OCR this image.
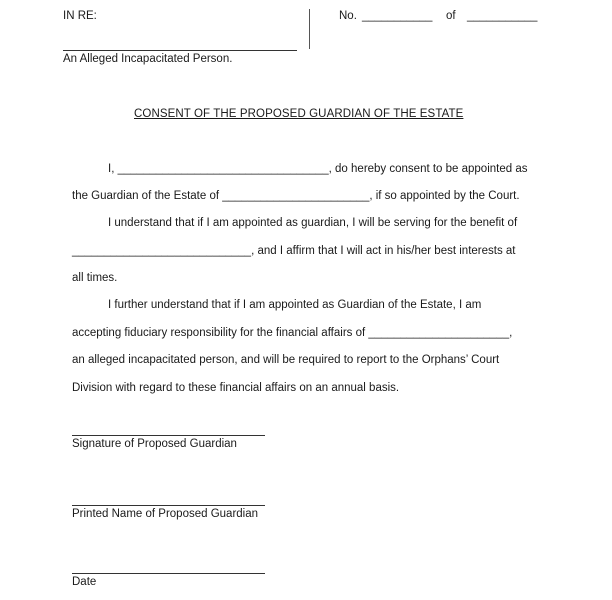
IN RE:
An Alleged Incapacitated Person.
No. ___________ of ___________
CONSENT OF THE PROPOSED GUARDIAN OF THE ESTATE
I, _________________________________, do hereby consent to be appointed as
the Guardian of the Estate of _______________________, if so appointed by the Court.
I understand that if I am appointed as guardian, I will be serving for the benefit of
____________________________, and I affirm that I will act in his/her best interests at
all times.
I further understand that if I am appointed as Guardian of the Estate, I am
accepting fiduciary responsibility for the financial affairs of ______________________,
an alleged incapacitated person, and will be required to report to the Orphans’ Court
Division with regard to these financial affairs on an annual basis.
Signature of Proposed Guardian
Printed Name of Proposed Guardian
Date
